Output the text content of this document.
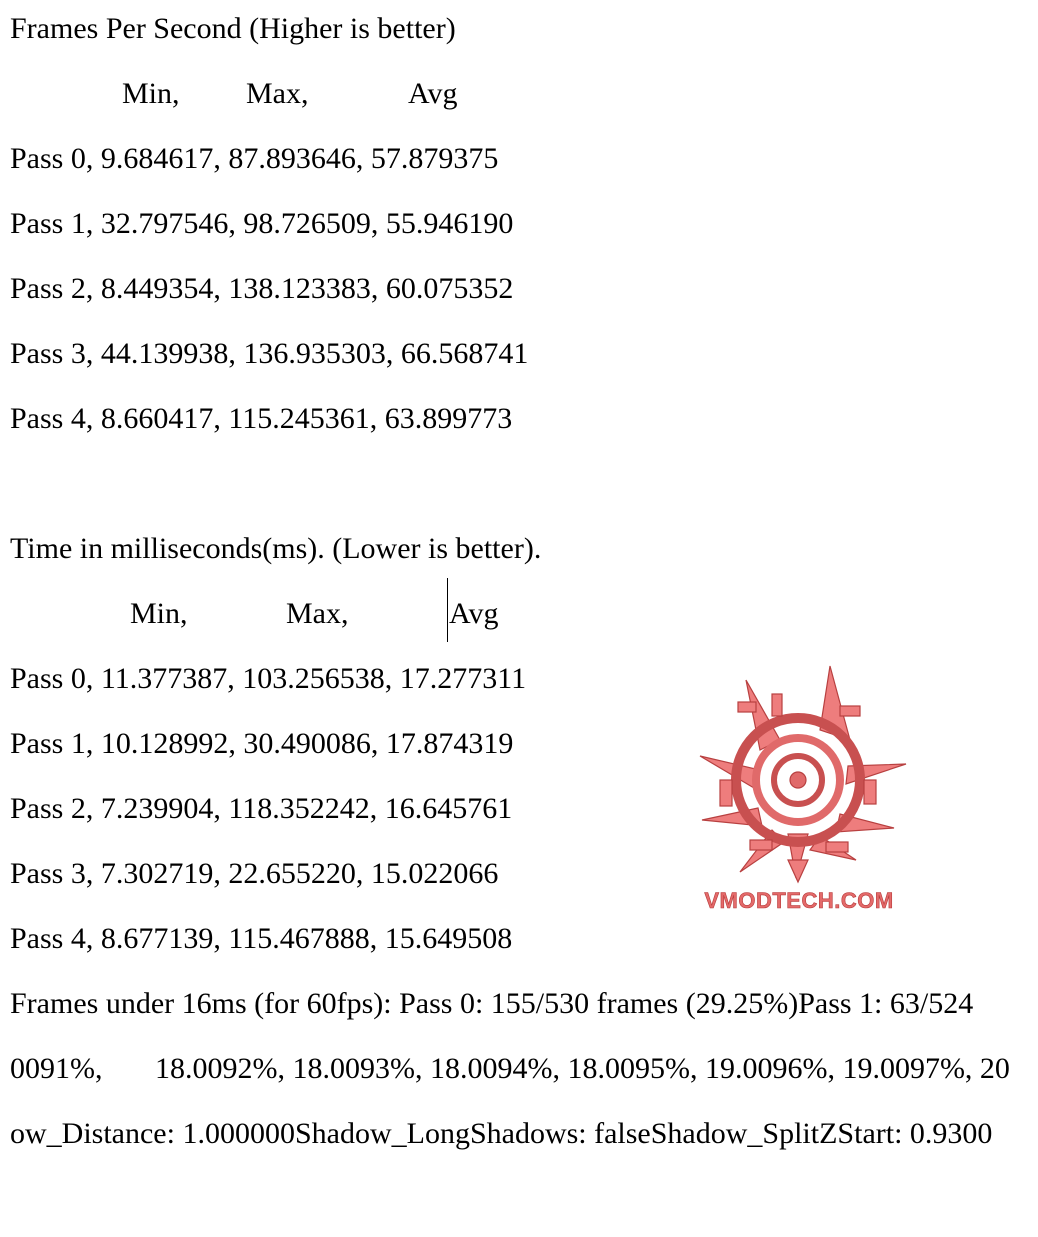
Frames Per Second (Higher is better)
Min, Max,	Avg
Pass 0, 9.684617, 87.893646, 57.879375
Pass 1, 32.797546, 98.726509, 55.946190
Pass 2, 8.449354, 138.123383, 60.075352
Pass 3, 44.139938, 136.935303, 66.568741
Pass 4, 8.660417, 115.245361, 63.899773
Time in milliseconds(ms). (Lower is better).
Min,	Max,	Avg
Pass 0, 11.377387, 103.256538, 17.277311
Pass 1, 10.128992, 30.490086, 17.874319
Pass 2, 7.239904, 118.352242, 16.645761
Pass 3, 7.302719, 22.655220, 15.022066
Pass 4, 8.677139, 115.467888, 15.649508
Frames under 16ms (for 60fps): Pass 0: 155/530 frames (29.25%)Pass 1: 63/524
0091%,       18.0092%, 18.0093%, 18.0094%, 18.0095%, 19.0096%, 19.0097%, 20
ow_Distance: 1.000000Shadow_LongShadows: falseShadow_SplitZStart: 0.9300
VMODTECH.COM
